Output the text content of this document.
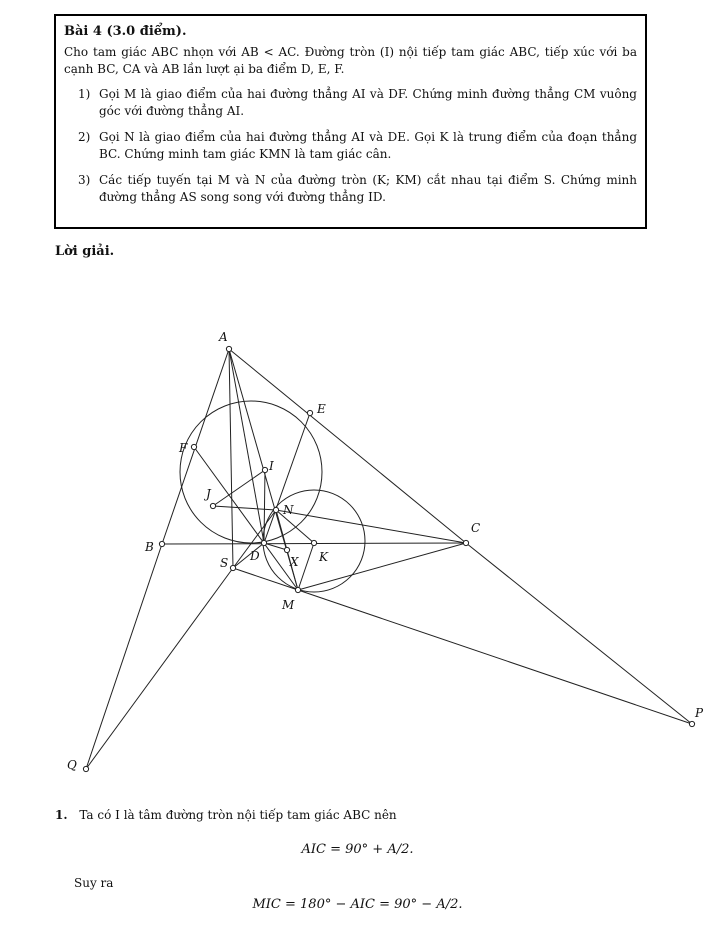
Bài 4 (3.0 điểm).
Cho tam giác ABC nhọn với AB < AC. Đường tròn (I) nội tiếp tam giác ABC, tiếp xúc với ba cạnh BC, CA và AB lần lượt ại ba điểm D, E, F.
1) Gọi M là giao điểm của hai đường thẳng AI và DF. Chứng minh đường thẳng CM vuông góc với đường thẳng AI.
2) Gọi N là giao điểm của hai đường thẳng AI và DE. Gọi K là trung điểm của đoạn thẳng BC. Chứng minh tam giác KMN là tam giác cân.
3) Các tiếp tuyến tại M và N của đường tròn (K; KM) cắt nhau tại điểm S. Chứng minh đường thẳng AS song song với đường thẳng ID.
Lời giải.
A
B
C
D
E
F
I
J
N
S	X K
M
P
Q
1. Ta có I là tâm đường tròn nội tiếp tam giác ABC nên
AIC = 90° + A/2.
Suy ra
MIC = 180° − AIC = 90° − A/2.
